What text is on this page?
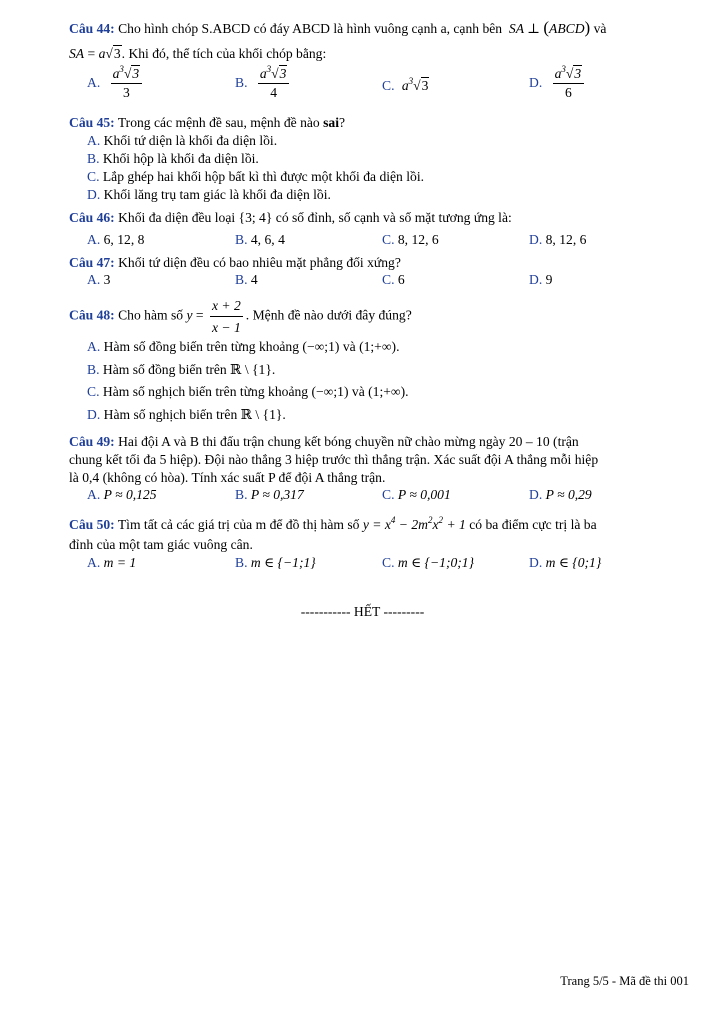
Câu 44: Cho hình chóp S.ABCD có đáy ABCD là hình vuông cạnh a, cạnh bên  SA ⊥ (ABCD) và
SA = a√3. Khi đó, thể tích của khối chóp bằng:
A. $\frac{a^3√3}{3}$	B. $\frac{a^3√3}{4}$	C. $a^3√3$	D. $\frac{a^3√3}{6}$
Câu 45: Trong các mệnh đề sau, mệnh đề nào sai?
A. Khối tứ diện là khối đa diện lồi.
B. Khối hộp là khối đa diện lồi.
C. Lắp ghép hai khối hộp bất kì thì được một khối đa diện lồi.
D. Khối lăng trụ tam giác là khối đa diện lồi.
Câu 46: Khối đa diện đều loại {3; 4} có số đỉnh, số cạnh và số mặt tương ứng là:
A. 6, 12, 8	B. 4, 6, 4	C. 8, 12, 6	D. 8, 12, 6
Câu 47: Khối tứ diện đều có bao nhiêu mặt phẳng đối xứng?
A. 3	B. 4	C. 6	D. 9
Câu 48: Cho hàm số $y = \frac{x + 2}{x - 1}$ . Mệnh đề nào dưới đây đúng?
A. Hàm số đồng biến trên từng khoảng (−∞;1) và (1;+∞).
B. Hàm số đồng biến trên ℝ \ {1}.
C. Hàm số nghịch biến trên từng khoảng (−∞;1) và (1;+∞).
D. Hàm số nghịch biến trên ℝ \ {1}.
Câu 49: Hai đội A và B thi đấu trận chung kết bóng chuyền nữ chào mừng ngày 20 – 10 (trận
chung kết tối đa 5 hiệp). Đội nào thắng 3 hiệp trước thì thắng trận. Xác suất đội A thắng mỗi hiệp
là 0,4 (không có hòa). Tính xác suất P để đội A thắng trận.
A. P ≈ 0,125	B. P ≈ 0,317	C. P ≈ 0,001	D. P ≈ 0,29
Câu 50: Tìm tất cả các giá trị của m để đồ thị hàm số $y = x^4 - 2m^2x^2 + 1$ có ba điểm cực trị là ba
đỉnh của một tam giác vuông cân.
A. m = 1	B. m ∈ {−1;1}	C. m ∈ {−1;0;1}	D. m ∈ {0;1}
----------- HẾT ---------
Trang 5/5 - Mã đề thi 001
